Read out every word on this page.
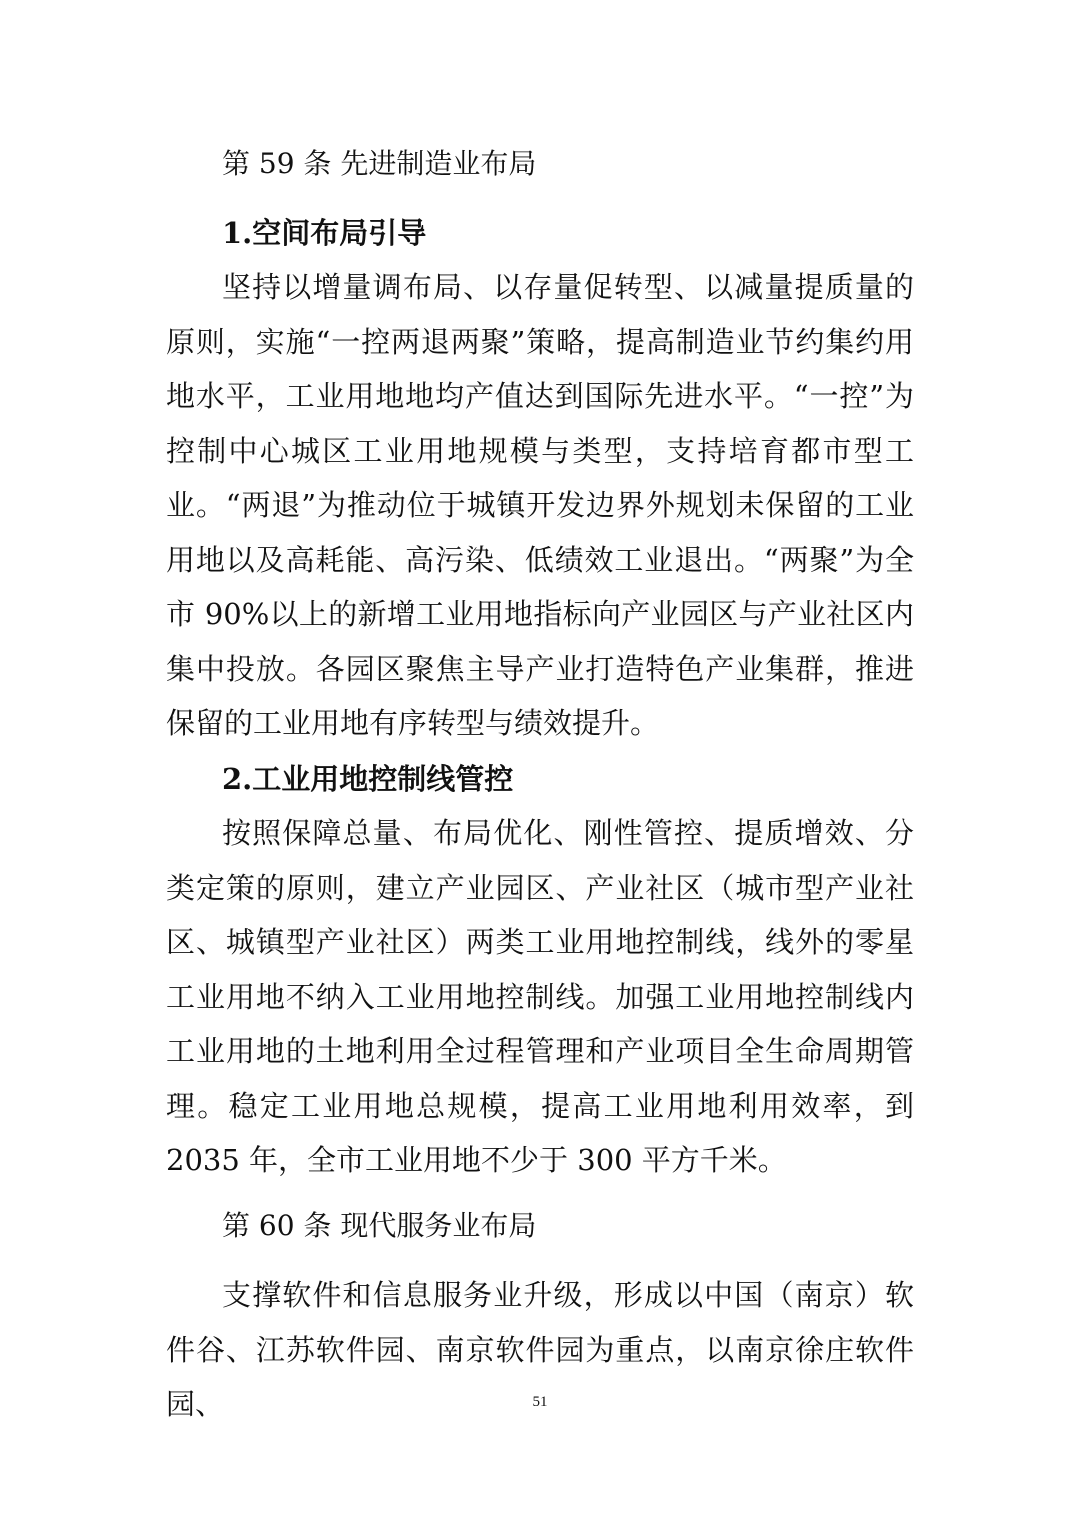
第 59 条 先进制造业布局

1.空间布局引导

坚持以增量调布局、以存量促转型、以减量提质量的原则，实施“一控两退两聚”策略，提高制造业节约集约用地水平，工业用地地均产值达到国际先进水平。“一控”为控制中心城区工业用地规模与类型，支持培育都市型工业。“两退”为推动位于城镇开发边界外规划未保留的工业用地以及高耗能、高污染、低绩效工业退出。“两聚”为全市 90%以上的新增工业用地指标向产业园区与产业社区内集中投放。各园区聚焦主导产业打造特色产业集群，推进保留的工业用地有序转型与绩效提升。

2.工业用地控制线管控

按照保障总量、布局优化、刚性管控、提质增效、分类定策的原则，建立产业园区、产业社区（城市型产业社区、城镇型产业社区）两类工业用地控制线，线外的零星工业用地不纳入工业用地控制线。加强工业用地控制线内工业用地的土地利用全过程管理和产业项目全生命周期管理。稳定工业用地总规模，提高工业用地利用效率，到 2035 年，全市工业用地不少于 300 平方千米。

第 60 条 现代服务业布局

支撑软件和信息服务业升级，形成以中国（南京）软件谷、江苏软件园、南京软件园为重点，以南京徐庄软件园、	51
